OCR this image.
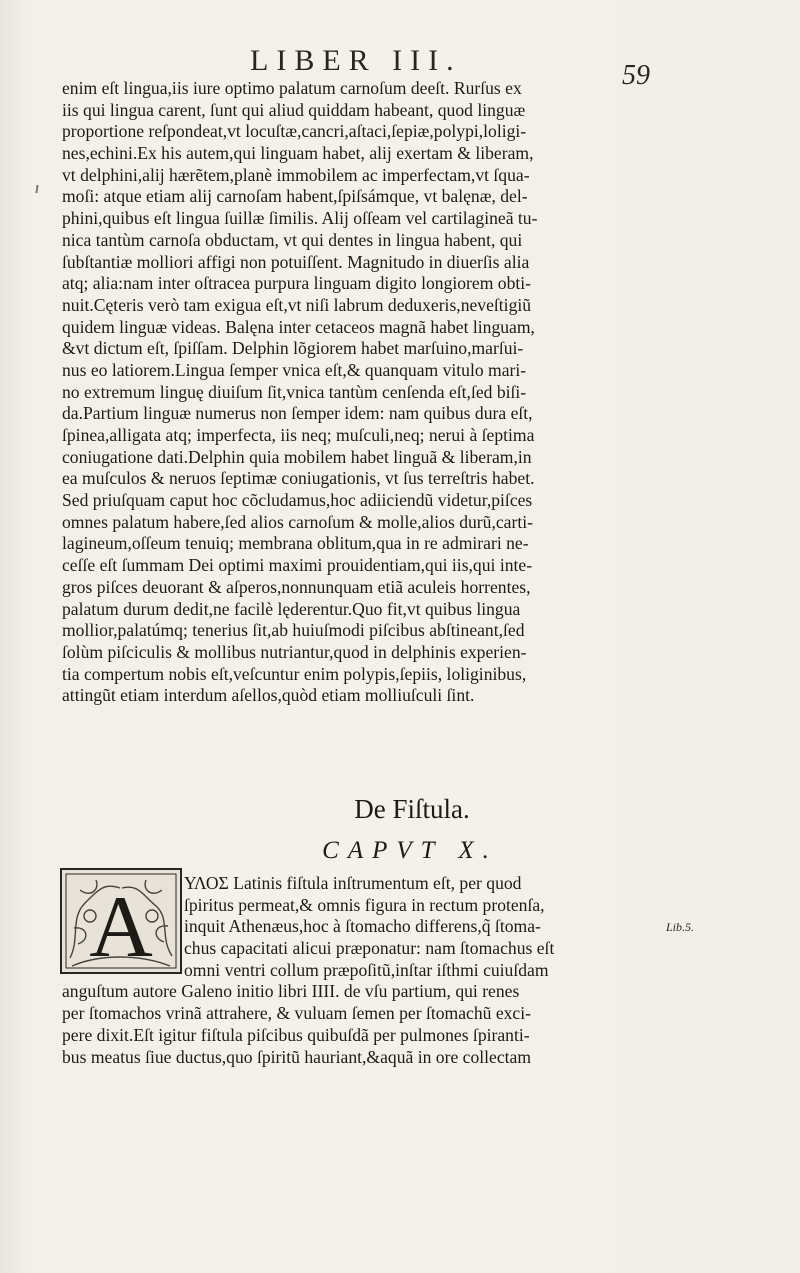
LIBER III.	59
enim eſt lingua,iis iure optimo palatum carnoſum deeſt. Rurſus ex
iis qui lingua carent, ſunt qui aliud quiddam habeant, quod linguæ
proportione reſpondeat,vt locuſtæ,cancri,aſtaci,ſepiæ,polypi,loligi-
nes,echini.Ex his autem,qui linguam habet, alij exertam & liberam,
vt delphini,alij hærẽtem,planè immobilem ac imperfectam,vt ſqua-
moſi: atque etiam alij carnoſam habent,ſpiſsámque, vt balęnæ, del-
phini,quibus eſt lingua ſuillæ ſimilis. Alij oſſeam vel cartilagineã tu-
nica tantùm carnoſa obductam, vt qui dentes in lingua habent, qui
ſubſtantiæ molliori affigi non potuiſſent. Magnitudo in diuerſis alia
atq; alia:nam inter oſtracea purpura linguam digito longiorem obti-
nuit.Cęteris verò tam exigua eſt,vt niſi labrum deduxeris,neveſtigiũ
quidem linguæ videas. Balęna inter cetaceos magnã habet linguam,
&vt dictum eſt, ſpiſſam. Delphin lõgiorem habet marſuino,marſui-
nus eo latiorem.Lingua ſemper vnica eſt,& quanquam vitulo mari-
no extremum linguę diuiſum ſit,vnica tantùm cenſenda eſt,ſed biſi-
da.Partium linguæ numerus non ſemper idem: nam quibus dura eſt,
ſpinea,alligata atq; imperfecta, iis neq; muſculi,neq; nerui à ſeptima
coniugatione dati.Delphin quia mobilem habet linguã & liberam,in
ea muſculos & neruos ſeptimæ coniugationis, vt ſus terreſtris habet.
Sed priuſquam caput hoc cõcludamus,hoc adiiciendũ videtur,piſces
omnes palatum habere,ſed alios carnoſum & molle,alios durũ,carti-
lagineum,oſſeum tenuiq; membrana oblitum,qua in re admirari ne-
ceſſe eſt ſummam Dei optimi maximi prouidentiam,qui iis,qui inte-
gros piſces deuorant & aſperos,nonnunquam etiã aculeis horrentes,
palatum durum dedit,ne facilè lęderentur.Quo fit,vt quibus lingua
mollior,palatúmq; tenerius ſit,ab huiuſmodi piſcibus abſtineant,ſed
ſolùm piſciculis & mollibus nutriantur,quod in delphinis experien-
tia compertum nobis eſt,veſcuntur enim polypis,ſepiis, loliginibus,
attingũt etiam interdum aſellos,quòd etiam molliuſculi ſint.
De Fiſtula.
CAPVT X.
A	ΥΛΟΣ Latinis fiſtula inſtrumentum eſt, per quod
ſpiritus permeat,& omnis figura in rectum protenſa,
inquit Athenæus,hoc à ſtomacho differens,q̃ ſtoma-
chus capacitati alicui præponatur: nam ſtomachus eſt
omni ventri collum præpoſitũ,inſtar iſthmi cuiuſdam
anguſtum autore Galeno initio libri IIII. de vſu partium, qui renes
per ſtomachos vrinã attrahere, & vuluam ſemen per ſtomachũ exci-
pere dixit.Eſt igitur fiſtula piſcibus quibuſdã per pulmones ſpiranti-
bus meatus ſiue ductus,quo ſpiritũ hauriant,&aquã in ore collectam
Lib.5.
